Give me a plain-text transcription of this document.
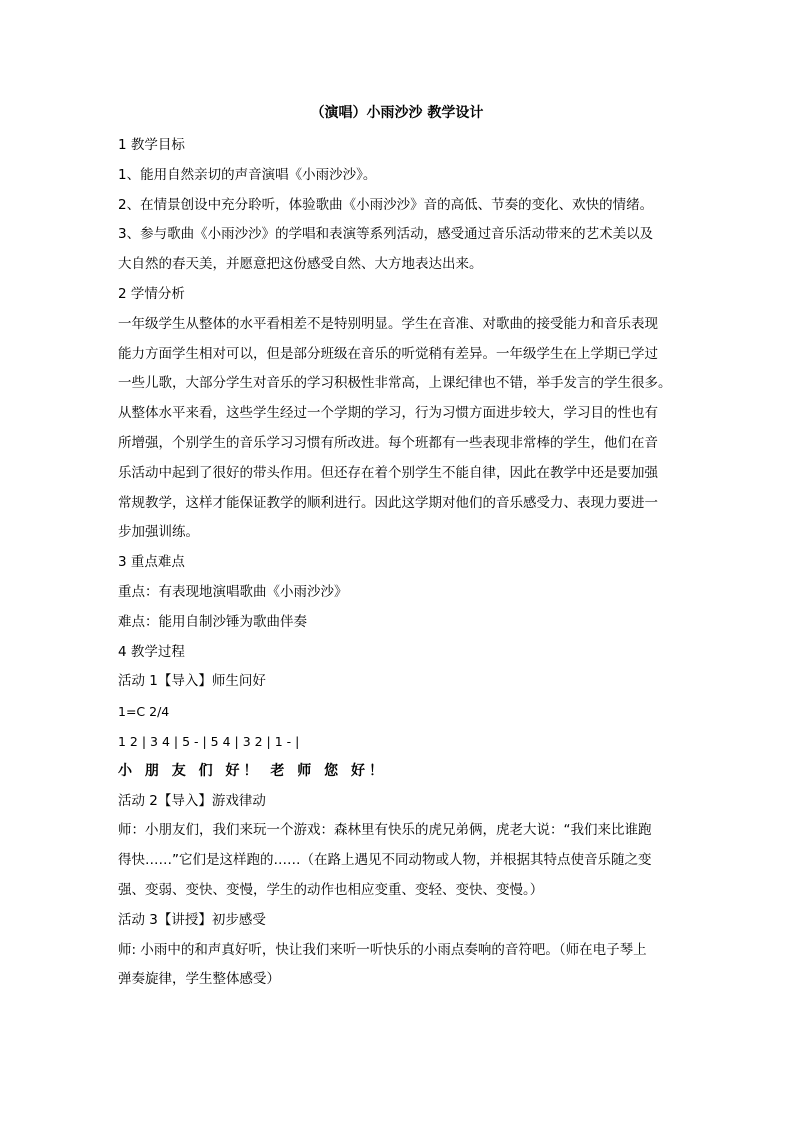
（演唱）小雨沙沙 教学设计
1 教学目标
1、能用自然亲切的声音演唱《小雨沙沙》。
2、在情景创设中充分聆听，体验歌曲《小雨沙沙》音的高低、节奏的变化、欢快的情绪。
3、参与歌曲《小雨沙沙》的学唱和表演等系列活动，感受通过音乐活动带来的艺术美以及
大自然的春天美，并愿意把这份感受自然、大方地表达出来。
2 学情分析
一年级学生从整体的水平看相差不是特别明显。学生在音准、对歌曲的接受能力和音乐表现
能力方面学生相对可以，但是部分班级在音乐的听觉稍有差异。一年级学生在上学期已学过
一些儿歌，大部分学生对音乐的学习积极性非常高，上课纪律也不错，举手发言的学生很多。
从整体水平来看，这些学生经过一个学期的学习，行为习惯方面进步较大，学习目的性也有
所增强，个别学生的音乐学习习惯有所改进。每个班都有一些表现非常棒的学生，他们在音
乐活动中起到了很好的带头作用。但还存在着个别学生不能自律，因此在教学中还是要加强
常规教学，这样才能保证教学的顺利进行。因此这学期对他们的音乐感受力、表现力要进一
步加强训练。
3 重点难点
重点：有表现地演唱歌曲《小雨沙沙》
难点：能用自制沙锤为歌曲伴奏
4 教学过程
活动 1【导入】师生问好
1=C 2/4
1 2 | 3 4 | 5 - | 5 4 | 3 2 | 1 - |
小 朋 友 们 好！ 老 师 您 好！
活动 2【导入】游戏律动
师：小朋友们，我们来玩一个游戏：森林里有快乐的虎兄弟俩，虎老大说：“我们来比谁跑
得快……”它们是这样跑的……（在路上遇见不同动物或人物，并根据其特点使音乐随之变
强、变弱、变快、变慢，学生的动作也相应变重、变轻、变快、变慢。）
活动 3【讲授】初步感受
师: 小雨中的和声真好听，快让我们来听一听快乐的小雨点奏响的音符吧。（师在电子琴上
弹奏旋律，学生整体感受）
